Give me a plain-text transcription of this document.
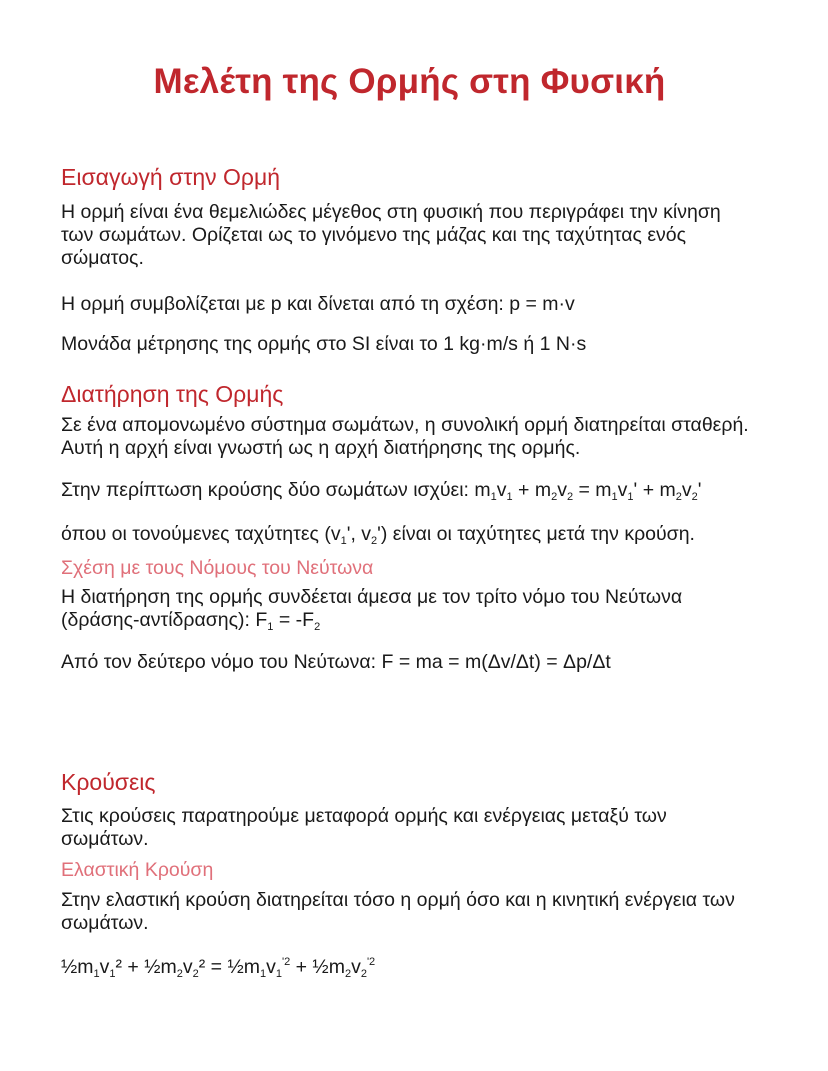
Μελέτη της Ορμής στη Φυσική
Εισαγωγή στην Ορμή

Η ορμή είναι ένα θεμελιώδες μέγεθος στη φυσική που περιγράφει την κίνηση των σωμάτων. Ορίζεται ως το γινόμενο της μάζας και της ταχύτητας ενός σώματος.

Η ορμή συμβολίζεται με p και δίνεται από τη σχέση: p = m·v

Μονάδα μέτρησης της ορμής στο SI είναι το 1 kg·m/s ή 1 N·s

Διατήρηση της Ορμής

Σε ένα απομονωμένο σύστημα σωμάτων, η συνολική ορμή διατηρείται σταθερή. Αυτή η αρχή είναι γνωστή ως η αρχή διατήρησης της ορμής.

Στην περίπτωση κρούσης δύο σωμάτων ισχύει: $m_1v_1 + m_2v_2 = m_1v_1' + m_2v_2'$

όπου οι τονούμενες ταχύτητες ($v_1'$, $v_2'$) είναι οι ταχύτητες μετά την κρούση.

Σχέση με τους Νόμους του Νεύτωνα

Η διατήρηση της ορμής συνδέεται άμεσα με τον τρίτο νόμο του Νεύτωνα (δράσης-αντίδρασης): $F_1 = -F_2$

Από τον δεύτερο νόμο του Νεύτωνα: F = ma = m(Δv/Δt) = Δp/Δt

Κρούσεις

Στις κρούσεις παρατηρούμε μεταφορά ορμής και ενέργειας μεταξύ των σωμάτων.

Ελαστική Κρούση

Στην ελαστική κρούση διατηρείται τόσο η ορμή όσο και η κινητική ενέργεια των σωμάτων.

$\frac{1}{2}m_1v_1^2$ + $\frac{1}{2}m_2v_2^2$ = $\frac{1}{2}m_1v_1^{'2}$ + $\frac{1}{2}m_2v_2^{'2}$
